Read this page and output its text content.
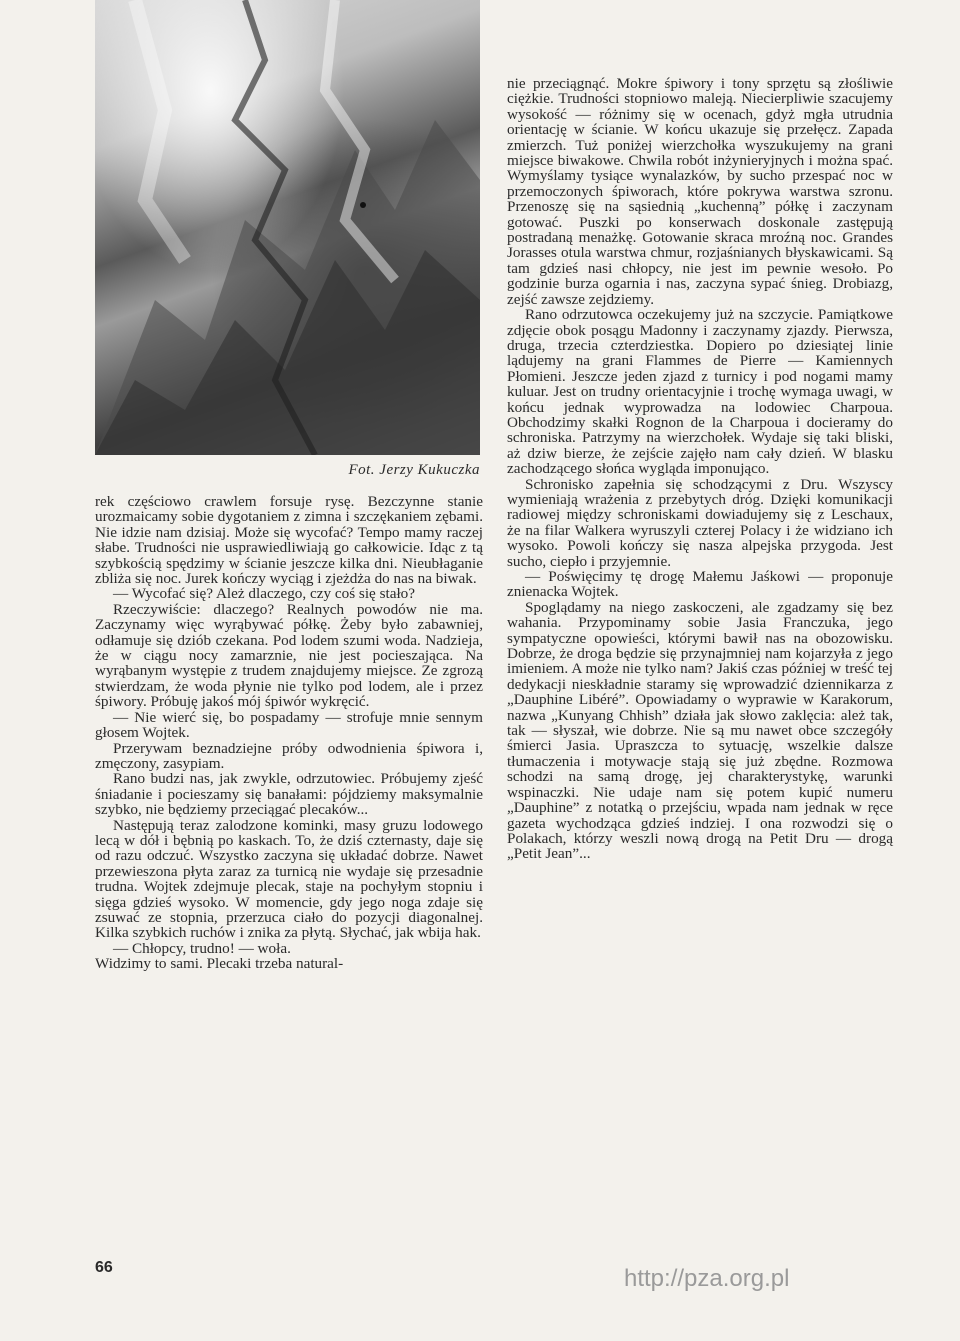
Fot. Jerzy Kukuczka

rek częściowo crawlem forsuje rysę. Bezczynne stanie urozmaicamy sobie dygotaniem z zimna i szczękaniem zębami. Nie idzie nam dzisiaj. Może się wycofać? Tempo mamy raczej słabe. Trudności nie usprawiedliwiają go całkowicie. Idąc z tą szybkością spędzimy w ścianie jeszcze kilka dni. Nieubłaganie zbliża się noc. Jurek kończy wyciąg i zjeżdża do nas na biwak.

— Wycofać się? Ależ dlaczego, czy coś się stało?

Rzeczywiście: dlaczego? Realnych powodów nie ma. Zaczynamy więc wyrąbywać półkę. Żeby było zabawniej, odłamuje się dziób czekana. Pod lodem szumi woda. Nadzieja, że w ciągu nocy zamarznie, nie jest pocieszająca. Na wyrąbanym występie z trudem znajdujemy miejsce. Ze zgrozą stwierdzam, że woda płynie nie tylko pod lodem, ale i przez śpiwory. Próbuję jakoś mój śpiwór wykręcić.

— Nie wierć się, bo pospadamy — strofuje mnie sennym głosem Wojtek.

Przerywam beznadziejne próby odwodnienia śpiwora i, zmęczony, zasypiam.

Rano budzi nas, jak zwykle, odrzutowiec. Próbujemy zjeść śniadanie i pocieszamy się banałami: pójdziemy maksymalnie szybko, nie będziemy przeciągać plecaków...

Następują teraz zalodzone kominki, masy gruzu lodowego lecą w dół i bębnią po kaskach. To, że dziś czternasty, daje się od razu odczuć. Wszystko zaczyna się układać dobrze. Nawet przewieszona płyta zaraz za turnicą nie wydaje się przesadnie trudna. Wojtek zdejmuje plecak, staje na pochyłym stopniu i sięga gdzieś wysoko. W momencie, gdy jego noga zdaje się zsuwać ze stopnia, przerzuca ciało do pozycji diagonalnej. Kilka szybkich ruchów i znika za płytą. Słychać, jak wbija hak.

— Chłopcy, trudno! — woła.

Widzimy to sami. Plecaki trzeba natural-

nie przeciągnąć. Mokre śpiwory i tony sprzętu są złośliwie ciężkie. Trudności stopniowo maleją. Niecierpliwie szacujemy wysokość — różnimy się w ocenach, gdyż mgła utrudnia orientację w ścianie. W końcu ukazuje się przełęcz. Zapada zmierzch. Tuż poniżej wierzchołka wyszukujemy na grani miejsce biwakowe. Chwila robót inżynieryjnych i można spać. Wymyślamy tysiące wynalazków, by sucho przespać noc w przemoczonych śpiworach, które pokrywa warstwa szronu. Przenoszę się na sąsiednią „kuchenną” półkę i zaczynam gotować. Puszki po konserwach doskonale zastępują postradaną menażkę. Gotowanie skraca mroźną noc. Grandes Jorasses otula warstwa chmur, rozjaśnianych błyskawicami. Są tam gdzieś nasi chłopcy, nie jest im pewnie wesoło. Po godzinie burza ogarnia i nas, zaczyna sypać śnieg. Drobiazg, zejść zawsze zejdziemy.

Rano odrzutowca oczekujemy już na szczycie. Pamiątkowe zdjęcie obok posągu Madonny i zaczynamy zjazdy. Pierwsza, druga, trzecia czterdziestka. Dopiero po dziesiątej linie lądujemy na grani Flammes de Pierre — Kamiennych Płomieni. Jeszcze jeden zjazd z turnicy i pod nogami mamy kuluar. Jest on trudny orientacyjnie i trochę wymaga uwagi, w końcu jednak wyprowadza na lodowiec Charpoua. Obchodzimy skałki Rognon de la Charpoua i docieramy do schroniska. Patrzymy na wierzchołek. Wydaje się taki bliski, aż dziw bierze, że zejście zajęło nam cały dzień. W blasku zachodzącego słońca wygląda imponująco.

Schronisko zapełnia się schodzącymi z Dru. Wszyscy wymieniają wrażenia z przebytych dróg. Dzięki komunikacji radiowej między schroniskami dowiadujemy się z Leschaux, że na filar Walkera wyruszyli czterej Polacy i że widziano ich wysoko. Powoli kończy się nasza alpejska przygoda. Jest sucho, ciepło i przyjemnie.

— Poświęcimy tę drogę Małemu Jaśkowi — proponuje znienacka Wojtek.

Spoglądamy na niego zaskoczeni, ale zgadzamy się bez wahania. Przypominamy sobie Jasia Franczuka, jego sympatyczne opowieści, którymi bawił nas na obozowisku. Dobrze, że droga będzie się przynajmniej nam kojarzyła z jego imieniem. A może nie tylko nam? Jakiś czas później w treść tej dedykacji nieskładnie staramy się wprowadzić dziennikarza z „Dauphine Libéré”. Opowiadamy o wyprawie w Karakorum, nazwa „Kunyang Chhish” działa jak słowo zaklęcia: ależ tak, tak — słyszał, wie dobrze. Nie są mu nawet obce szczegóły śmierci Jasia. Upraszcza to sytuację, wszelkie dalsze tłumaczenia i motywacje stają się już zbędne. Rozmowa schodzi na samą drogę, jej charakterystykę, warunki wspinaczki. Nie udaje nam się potem kupić numeru „Dauphine” z notatką o przejściu, wpada nam jednak w ręce gazeta wychodząca gdzieś indziej. I ona rozwodzi się o Polakach, którzy weszli nową drogą na Petit Dru — drogą „Petit Jean”...

66	http://pza.org.pl
